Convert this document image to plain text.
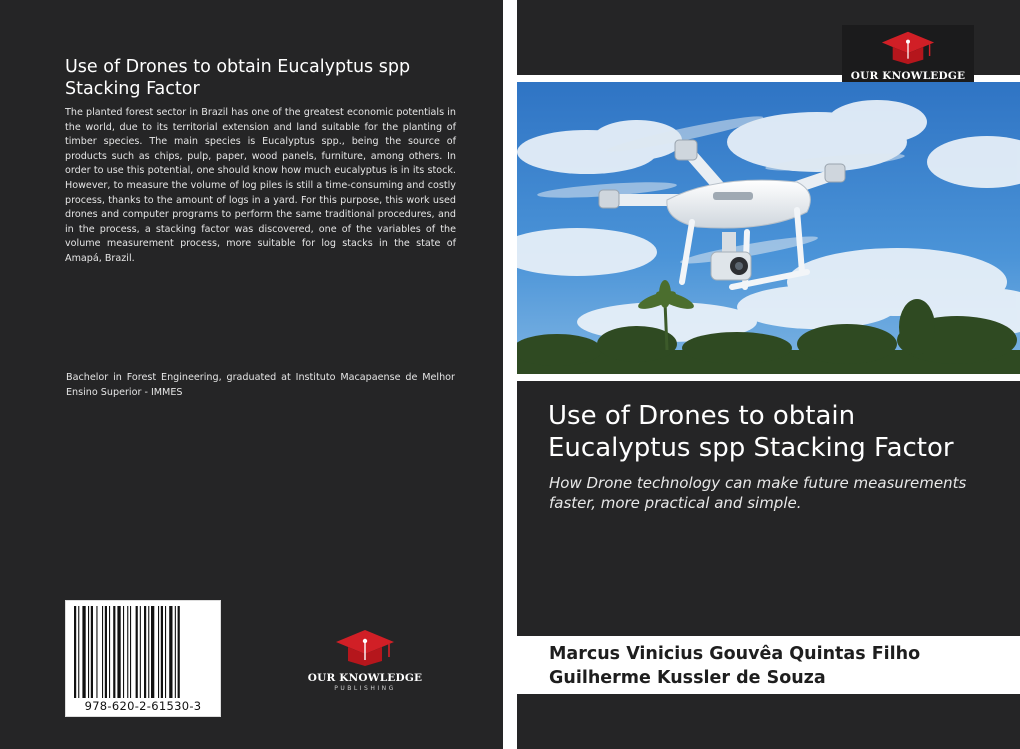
Use of Drones to obtain Eucalyptus spp Stacking Factor
The planted forest sector in Brazil has one of the greatest economic potentials in the world, due to its territorial extension and land suitable for the planting of timber species. The main species is Eucalyptus spp., being the source of products such as chips, pulp, paper, wood panels, furniture, among others. In order to use this potential, one should know how much eucalyptus is in its stock. However, to measure the volume of log piles is still a time-consuming and costly process, thanks to the amount of logs in a yard. For this purpose, this work used drones and computer programs to perform the same traditional procedures, and in the process, a stacking factor was discovered, one of the variables of the volume measurement process, more suitable for log stacks in the state of Amapá, Brazil.
Bachelor in Forest Engineering, graduated at Instituto Macapaense de Melhor Ensino Superior - IMMES
978-620-2-61530-3
OUR KNOWLEDGE
PUBLISHING
OUR KNOWLEDGE
Use of Drones to obtain Eucalyptus spp Stacking Factor
How Drone technology can make future measurements faster, more practical and simple.
Marcus Vinicius Gouvêa Quintas Filho
Guilherme Kussler de Souza
